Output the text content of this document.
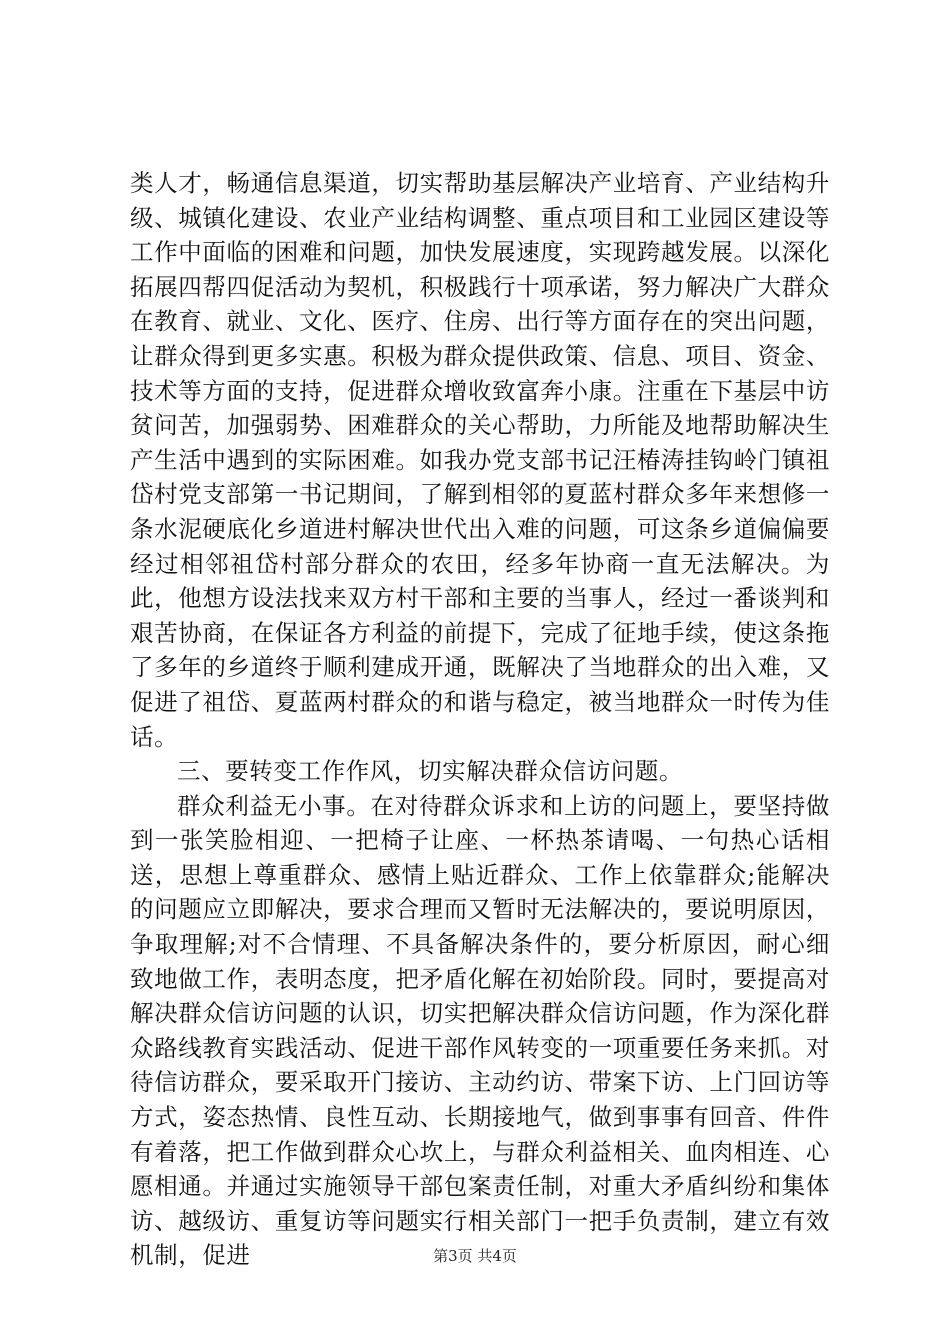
类人才，畅通信息渠道，切实帮助基层解决产业培育、产业结构升级、城镇化建设、农业产业结构调整、重点项目和工业园区建设等工作中面临的困难和问题，加快发展速度，实现跨越发展。以深化拓展四帮四促活动为契机，积极践行十项承诺，努力解决广大群众在教育、就业、文化、医疗、住房、出行等方面存在的突出问题，让群众得到更多实惠。积极为群众提供政策、信息、项目、资金、技术等方面的支持，促进群众增收致富奔小康。注重在下基层中访贫问苦，加强弱势、困难群众的关心帮助，力所能及地帮助解决生产生活中遇到的实际困难。如我办党支部书记汪椿涛挂钩岭门镇祖岱村党支部第一书记期间，了解到相邻的夏蓝村群众多年来想修一条水泥硬底化乡道进村解决世代出入难的问题，可这条乡道偏偏要经过相邻祖岱村部分群众的农田，经多年协商一直无法解决。为此，他想方设法找来双方村干部和主要的当事人，经过一番谈判和艰苦协商，在保证各方利益的前提下，完成了征地手续，使这条拖了多年的乡道终于顺利建成开通，既解决了当地群众的出入难，又促进了祖岱、夏蓝两村群众的和谐与稳定，被当地群众一时传为佳话。

三、要转变工作作风，切实解决群众信访问题。

群众利益无小事。在对待群众诉求和上访的问题上，要坚持做到一张笑脸相迎、一把椅子让座、一杯热茶请喝、一句热心话相送，思想上尊重群众、感情上贴近群众、工作上依靠群众;能解决的问题应立即解决，要求合理而又暂时无法解决的，要说明原因，争取理解;对不合情理、不具备解决条件的，要分析原因，耐心细致地做工作，表明态度，把矛盾化解在初始阶段。同时，要提高对解决群众信访问题的认识，切实把解决群众信访问题，作为深化群众路线教育实践活动、促进干部作风转变的一项重要任务来抓。对待信访群众，要采取开门接访、主动约访、带案下访、上门回访等方式，姿态热情、良性互动、长期接地气，做到事事有回音、件件有着落，把工作做到群众心坎上，与群众利益相关、血肉相连、心愿相通。并通过实施领导干部包案责任制，对重大矛盾纠纷和集体访、越级访、重复访等问题实行相关部门一把手负责制，建立有效机制，促进	第3页 共4页
